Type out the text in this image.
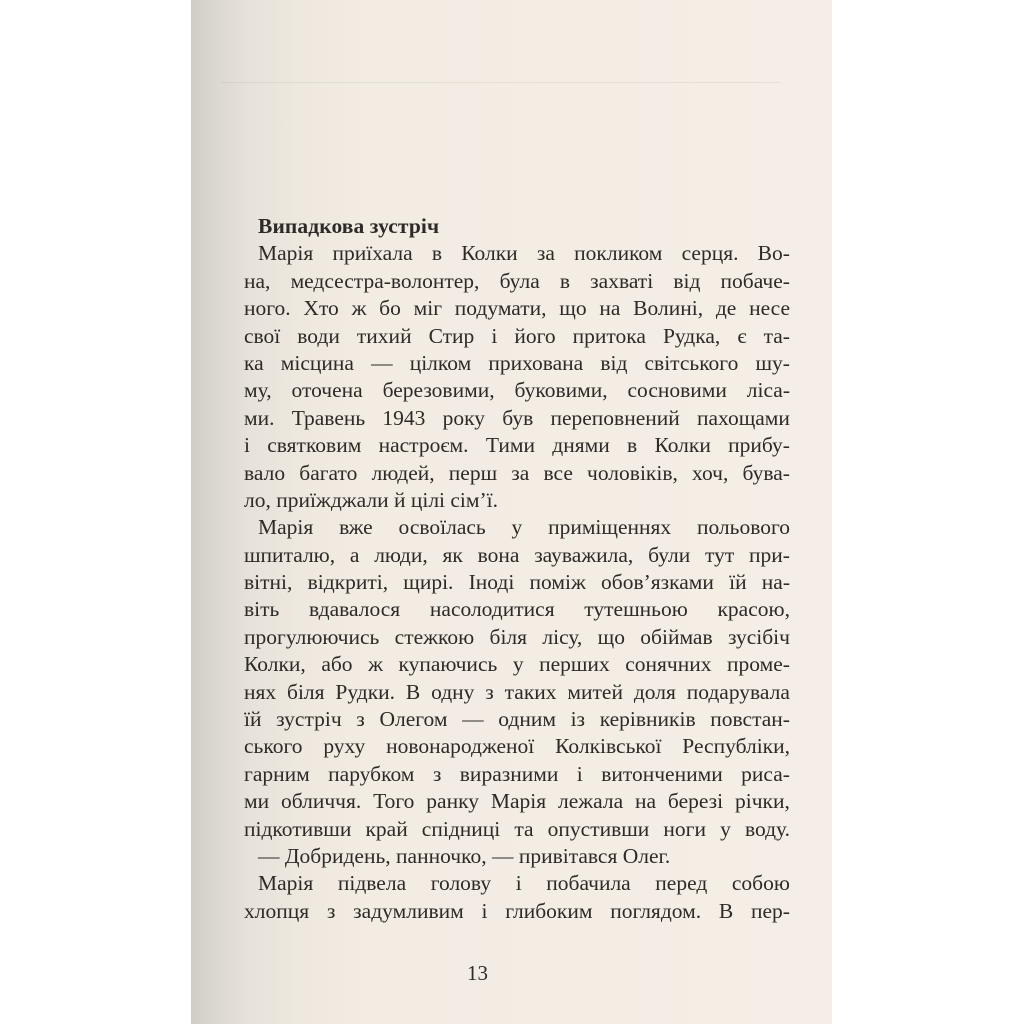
Випадкова зустріч
Марія приїхала в Колки за покликом серця. Во-
на, медсестра-волонтер, була в захваті від побаче-
ного. Хто ж бо міг подумати, що на Волині, де несе
свої води тихий Стир і його притока Рудка, є та-
ка місцина — цілком прихована від світського шу-
му, оточена березовими, буковими, сосновими ліса-
ми. Травень 1943 року був переповнений пахощами
і святковим настроєм. Тими днями в Колки прибу-
вало багато людей, перш за все чоловіків, хоч, бува-
ло, приїжджали й цілі сім’ї.
Марія вже освоїлась у приміщеннях польового
шпиталю, а люди, як вона зауважила, були тут при-
вітні, відкриті, щирі. Іноді поміж обов’язками їй на-
віть вдавалося насолодитися тутешньою красою,
прогулюючись стежкою біля лісу, що обіймав зусібіч
Колки, або ж купаючись у перших сонячних проме-
нях біля Рудки. В одну з таких митей доля подарувала
їй зустріч з Олегом — одним із керівників повстан-
ського руху новонародженої Колківської Республіки,
гарним парубком з виразними і витонченими риса-
ми обличчя. Того ранку Марія лежала на березі річки,
підкотивши край спідниці та опустивши ноги у воду.
— Добридень, панночко, — привітався Олег.
Марія підвела голову і побачила перед собою
хлопця з задумливим і глибоким поглядом. В пер-
13
